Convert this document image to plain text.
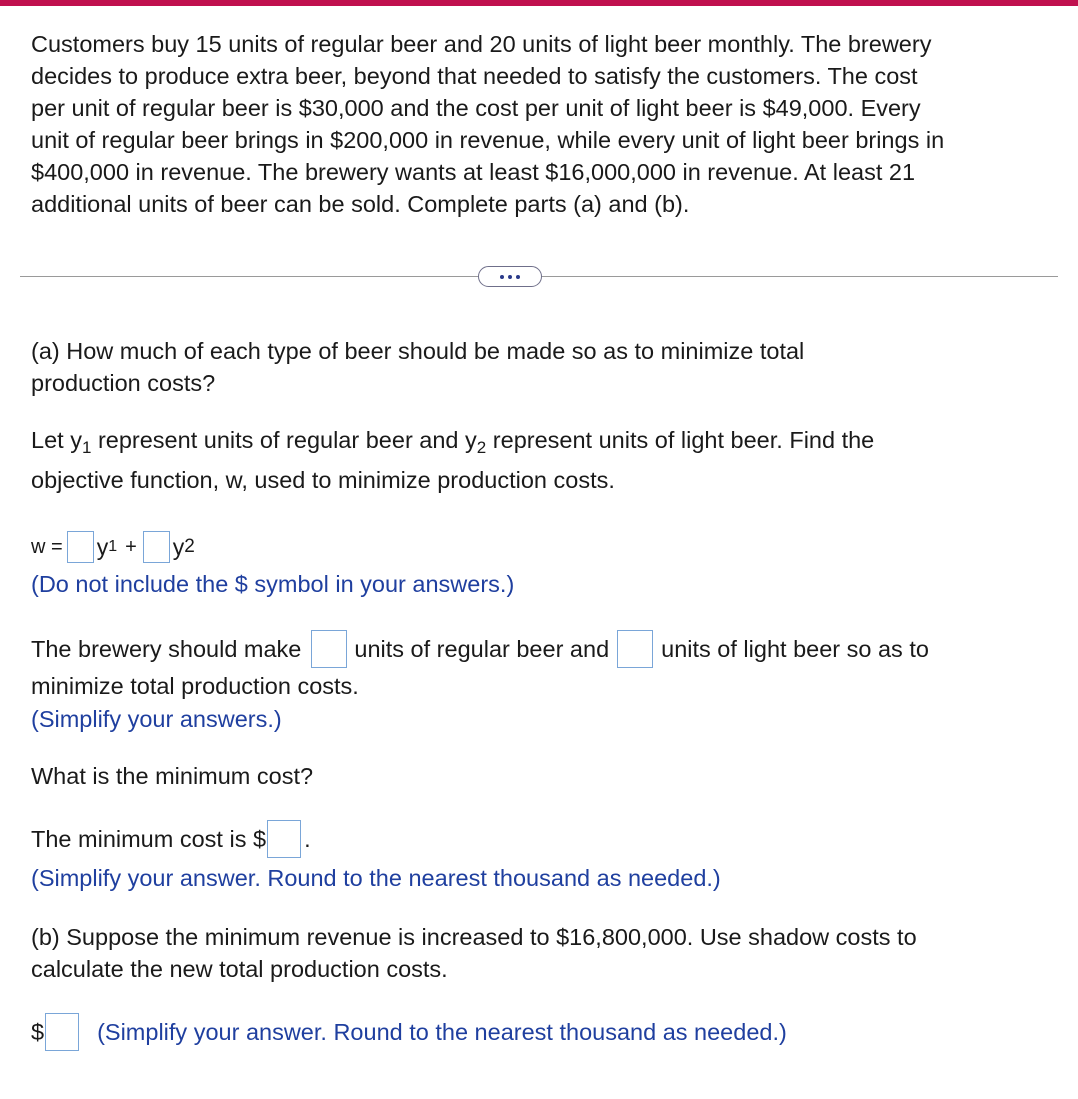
Customers buy 15 units of regular beer and 20 units of light beer monthly. The brewery
decides to produce extra beer, beyond that needed to satisfy the customers. The cost
per unit of regular beer is $30,000 and the cost per unit of light beer is $49,000. Every
unit of regular beer brings in $200,000 in revenue, while every unit of light beer brings in
$400,000 in revenue. The brewery wants at least $16,000,000 in revenue. At least 21
additional units of beer can be sold. Complete parts (a) and (b).
(a) How much of each type of beer should be made so as to minimize total
production costs?
Let $y_1$ represent units of regular beer and $y_2$ represent units of light beer. Find the
objective function, w, used to minimize production costs.
w = y 1 + y 2
(Do not include the $ symbol in your answers.)
The brewery should make units of regular beer and units of light beer so as to
minimize total production costs.
(Simplify your answers.)
What is the minimum cost?
The minimum cost is $ .
(Simplify your answer. Round to the nearest thousand as needed.)
(b) Suppose the minimum revenue is increased to $16,800,000. Use shadow costs to
calculate the new total production costs.
$ (Simplify your answer. Round to the nearest thousand as needed.)
